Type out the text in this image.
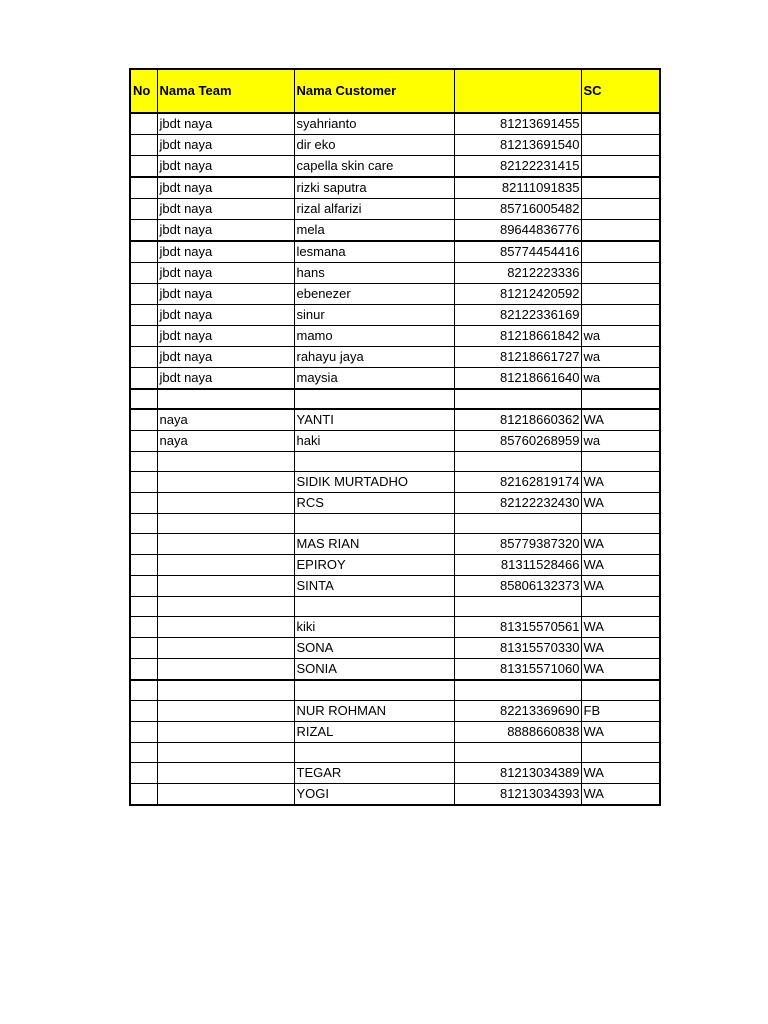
No	Nama Team	Nama Customer		SC
	jbdt naya	syahrianto	81213691455	
	jbdt naya	dir eko	81213691540	
	jbdt naya	capella skin care	82122231415	
	jbdt naya	rizki saputra	82111091835	
	jbdt naya	rizal alfarizi	85716005482	
	jbdt naya	mela	89644836776	
	jbdt naya	lesmana	85774454416	
	jbdt naya	hans	8212223336	
	jbdt naya	ebenezer	81212420592	
	jbdt naya	sinur	82122336169	
	jbdt naya	mamo	81218661842	wa
	jbdt naya	rahayu jaya	81218661727	wa
	jbdt naya	maysia	81218661640	wa

	naya	YANTI	81218660362	WA
	naya	haki	85760268959	wa

		SIDIK MURTADHO	82162819174	WA
		RCS	82122232430	WA

		MAS RIAN	85779387320	WA
		EPIROY	81311528466	WA
		SINTA	85806132373	WA

		kiki	81315570561	WA
		SONA	81315570330	WA
		SONIA	81315571060	WA

		NUR ROHMAN	82213369690	FB
		RIZAL	8888660838	WA

		TEGAR	81213034389	WA
		YOGI	81213034393	WA
